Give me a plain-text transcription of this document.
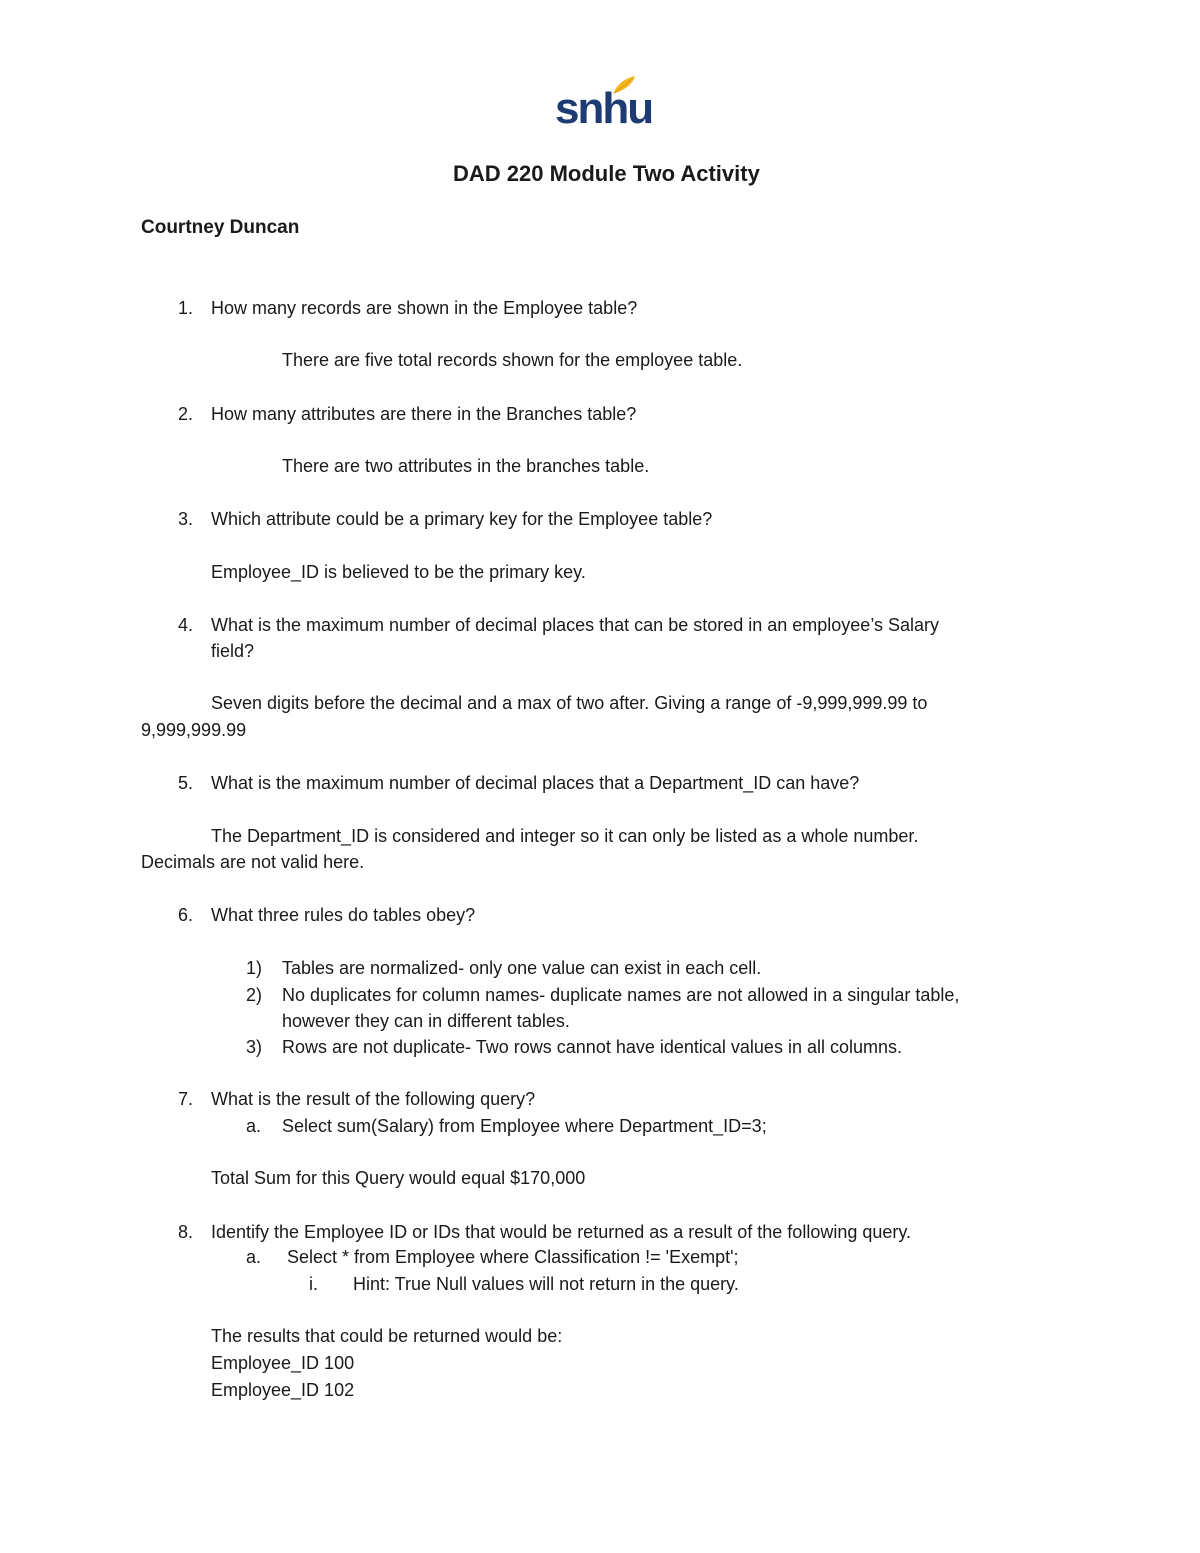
snhu
DAD 220 Module Two Activity
Courtney Duncan
1. How many records are shown in the Employee table?
There are five total records shown for the employee table.
2. How many attributes are there in the Branches table?
There are two attributes in the branches table.
3. Which attribute could be a primary key for the Employee table?
Employee_ID is believed to be the primary key.
4. What is the maximum number of decimal places that can be stored in an employee’s Salary
field?
Seven digits before the decimal and a max of two after. Giving a range of -9,999,999.99 to
9,999,999.99
5. What is the maximum number of decimal places that a Department_ID can have?
The Department_ID is considered and integer so it can only be listed as a whole number.
Decimals are not valid here.
6. What three rules do tables obey?
1) Tables are normalized- only one value can exist in each cell.
2) No duplicates for column names- duplicate names are not allowed in a singular table,
however they can in different tables.
3) Rows are not duplicate- Two rows cannot have identical values in all columns.
7. What is the result of the following query?
a. Select sum(Salary) from Employee where Department_ID=3;
Total Sum for this Query would equal $170,000
8. Identify the Employee ID or IDs that would be returned as a result of the following query.
a. Select * from Employee where Classification != 'Exempt';
i. Hint: True Null values will not return in the query.
The results that could be returned would be:
Employee_ID 100
Employee_ID 102
